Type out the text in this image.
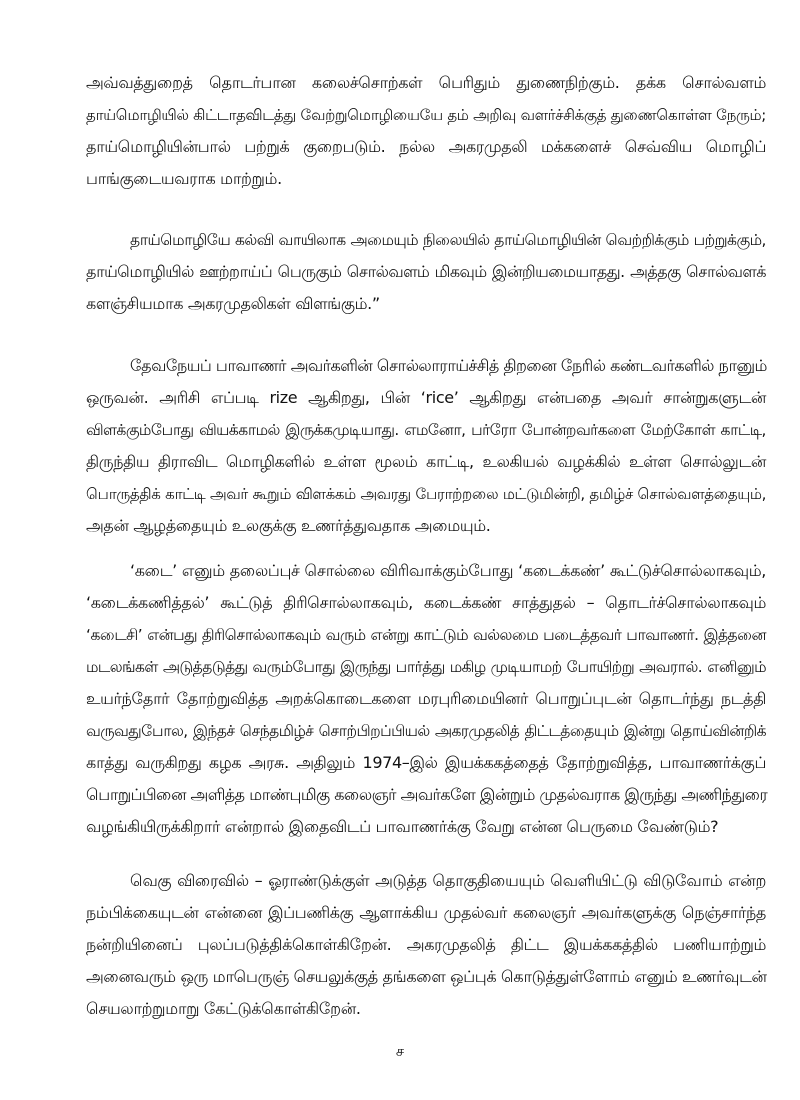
அவ்வத்துறைத் தொடர்பான கலைச்சொற்கள் பெரிதும் துணைநிற்கும். தக்க சொல்வளம்
தாய்மொழியில் கிட்டாதவிடத்து வேற்றுமொழியையே தம் அறிவு வளர்ச்சிக்குத் துணைகொள்ள நேரும்;
தாய்மொழியின்பால் பற்றுக் குறைபடும். நல்ல அகரமுதலி மக்களைச் செவ்விய மொழிப்
பாங்குடையவராக மாற்றும்.
தாய்மொழியே கல்வி வாயிலாக அமையும் நிலையில் தாய்மொழியின் வெற்றிக்கும் பற்றுக்கும்,
தாய்மொழியில் ஊற்றாய்ப் பெருகும் சொல்வளம் மிகவும் இன்றியமையாதது. அத்தகு சொல்வளக்
களஞ்சியமாக அகரமுதலிகள் விளங்கும்.”
தேவநேயப் பாவாணர் அவர்களின் சொல்லாராய்ச்சித் திறனை நேரில் கண்டவர்களில் நானும்
ஒருவன். அரிசி எப்படி rize ஆகிறது, பின் ‘rice’ ஆகிறது என்பதை அவர் சான்றுகளுடன்
விளக்கும்போது வியக்காமல் இருக்கமுடியாது. எமனோ, பர்ரோ போன்றவர்களை மேற்கோள் காட்டி,
திருந்திய திராவிட மொழிகளில் உள்ள மூலம் காட்டி, உலகியல் வழக்கில் உள்ள சொல்லுடன்
பொருத்திக் காட்டி அவர் கூறும் விளக்கம் அவரது பேராற்றலை மட்டுமின்றி, தமிழ்ச் சொல்வளத்தையும்,
அதன் ஆழத்தையும் உலகுக்கு உணர்த்துவதாக அமையும்.
‘கடை’ எனும் தலைப்புச் சொல்லை விரிவாக்கும்போது ‘கடைக்கண்’ கூட்டுச்சொல்லாகவும்,
‘கடைக்கணித்தல்’ கூட்டுத் திரிசொல்லாகவும், கடைக்கண் சாத்துதல் – தொடர்ச்சொல்லாகவும்
‘கடைசி’ என்பது திரிசொல்லாகவும் வரும் என்று காட்டும் வல்லமை படைத்தவர் பாவாணர். இத்தனை
மடலங்கள் அடுத்தடுத்து வரும்போது இருந்து பார்த்து மகிழ முடியாமற் போயிற்று அவரால். எனினும்
உயர்ந்தோர் தோற்றுவித்த அறக்கொடைகளை மரபுரிமையினர் பொறுப்புடன் தொடர்ந்து நடத்தி
வருவதுபோல, இந்தச் செந்தமிழ்ச் சொற்பிறப்பியல் அகரமுதலித் திட்டத்தையும் இன்று தொய்வின்றிக்
காத்து வருகிறது கழக அரசு. அதிலும் 1974–இல் இயக்ககத்தைத் தோற்றுவித்த, பாவாணர்க்குப்
பொறுப்பினை அளித்த மாண்புமிகு கலைஞர் அவர்களே இன்றும் முதல்வராக இருந்து அணிந்துரை
வழங்கியிருக்கிறார் என்றால் இதைவிடப் பாவாணர்க்கு வேறு என்ன பெருமை வேண்டும்?
வெகு விரைவில் – ஓராண்டுக்குள் அடுத்த தொகுதியையும் வெளியிட்டு விடுவோம் என்ற
நம்பிக்கையுடன் என்னை இப்பணிக்கு ஆளாக்கிய முதல்வர் கலைஞர் அவர்களுக்கு நெஞ்சார்ந்த
நன்றியினைப் புலப்படுத்திக்கொள்கிறேன். அகரமுதலித் திட்ட இயக்ககத்தில் பணியாற்றும்
அனைவரும் ஒரு மாபெருஞ் செயலுக்குத் தங்களை ஒப்புக் கொடுத்துள்ளோம் எனும் உணர்வுடன்
செயலாற்றுமாறு கேட்டுக்கொள்கிறேன்.
ச
